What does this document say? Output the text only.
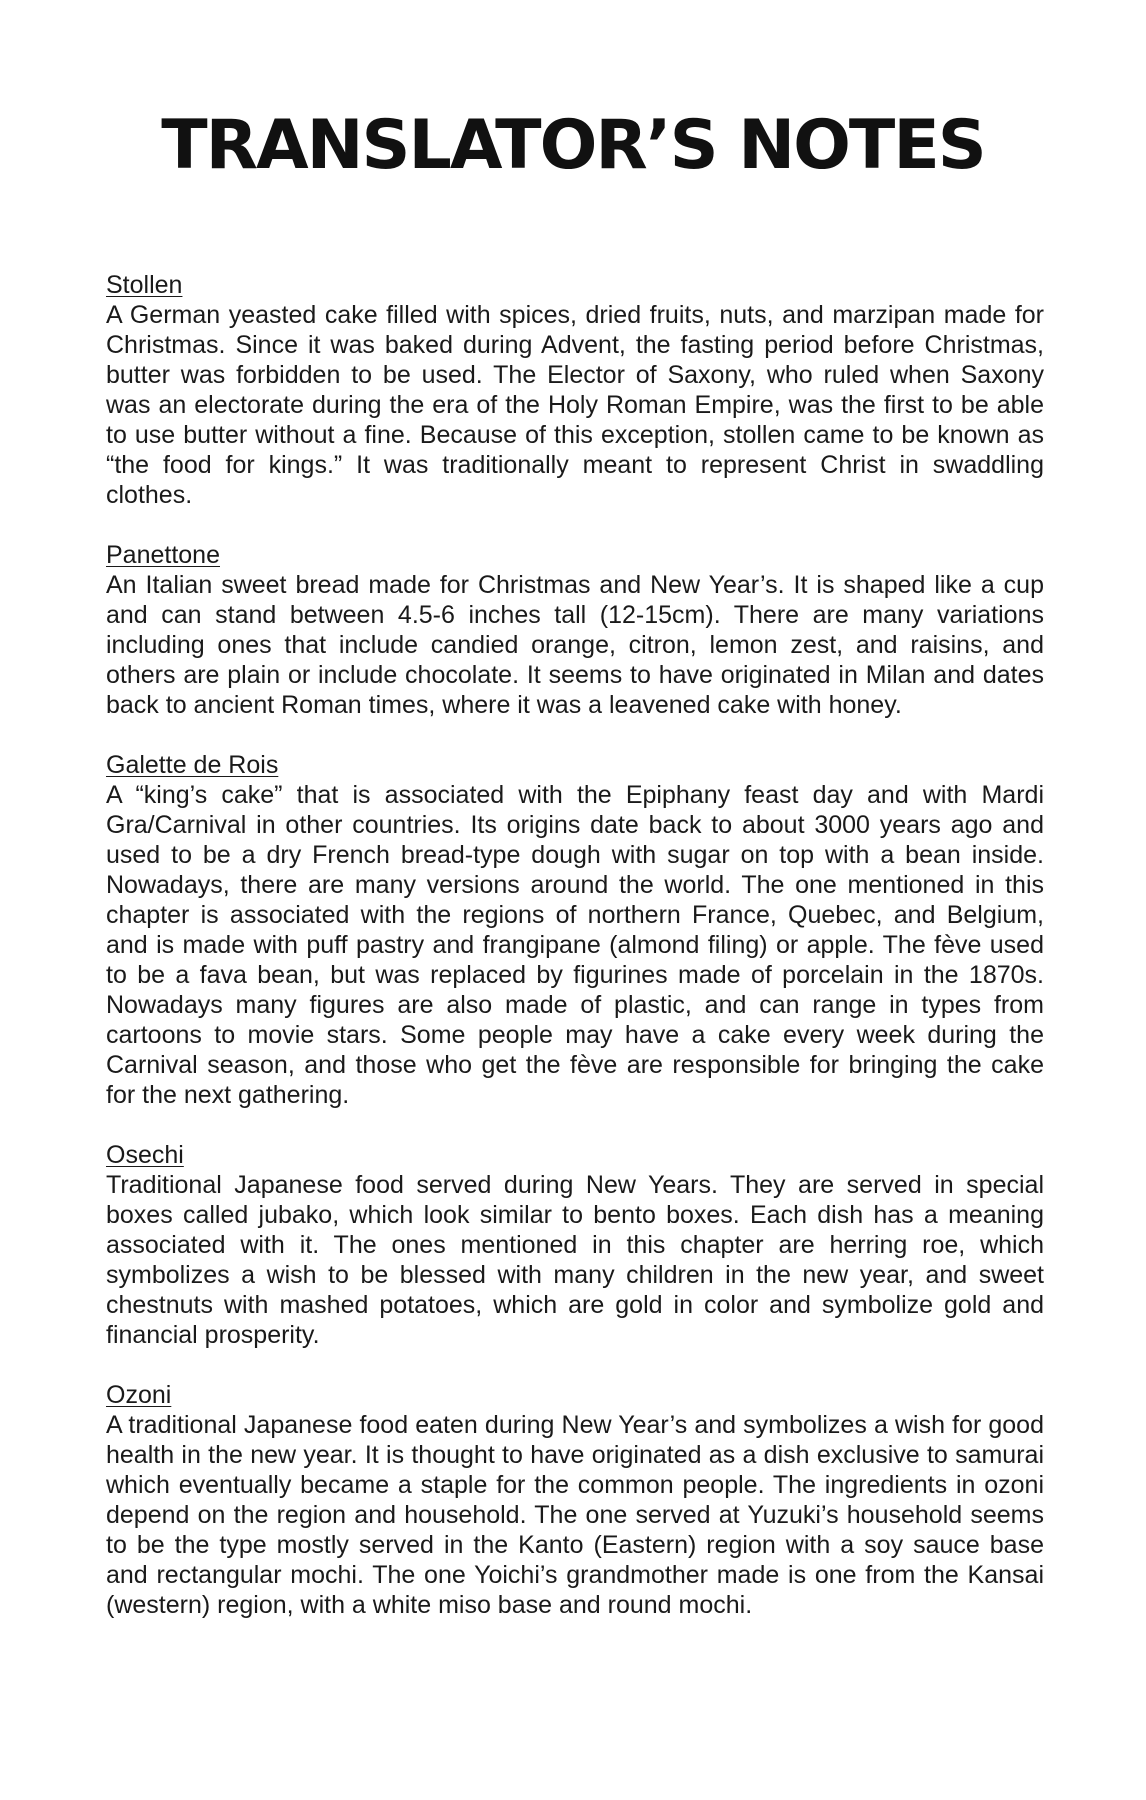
TRANSLATOR’S NOTES
Stollen

A German yeasted cake filled with spices, dried fruits, nuts, and marzipan made for Christmas. Since it was baked during Advent, the fasting period before Christmas, butter was forbidden to be used. The Elector of Saxony, who ruled when Saxony was an electorate during the era of the Holy Roman Empire, was the first to be able to use butter without a fine. Because of this exception, stollen came to be known as “the food for kings.” It was traditionally meant to represent Christ in swaddling clothes.

Panettone

An Italian sweet bread made for Christmas and New Year’s. It is shaped like a cup and can stand between 4.5-6 inches tall (12-15cm). There are many variations including ones that include candied orange, citron, lemon zest, and raisins, and others are plain or include chocolate. It seems to have originated in Milan and dates back to ancient Roman times, where it was a leavened cake with honey.

Galette de Rois

A “king’s cake” that is associated with the Epiphany feast day and with Mardi Gra/Carnival in other countries. Its origins date back to about 3000 years ago and used to be a dry French bread-type dough with sugar on top with a bean inside. Nowadays, there are many versions around the world. The one mentioned in this chapter is associated with the regions of northern France, Quebec, and Belgium, and is made with puff pastry and frangipane (almond filing) or apple. The fève used to be a fava bean, but was replaced by figurines made of porcelain in the 1870s. Nowadays many figures are also made of plastic, and can range in types from cartoons to movie stars. Some people may have a cake every week during the Carnival season, and those who get the fève are responsible for bringing the cake for the next gathering.

Osechi

Traditional Japanese food served during New Years. They are served in special boxes called jubako, which look similar to bento boxes. Each dish has a meaning associated with it. The ones mentioned in this chapter are herring roe, which symbolizes a wish to be blessed with many children in the new year, and sweet chestnuts with mashed potatoes, which are gold in color and symbolize gold and financial prosperity.

Ozoni

A traditional Japanese food eaten during New Year’s and symbolizes a wish for good health in the new year. It is thought to have originated as a dish exclusive to samurai which eventually became a staple for the common people. The ingredients in ozoni depend on the region and household. The one served at Yuzuki’s household seems to be the type mostly served in the Kanto (Eastern) region with a soy sauce base and rectangular mochi. The one Yoichi’s grandmother made is one from the Kansai (western) region, with a white miso base and round mochi.
